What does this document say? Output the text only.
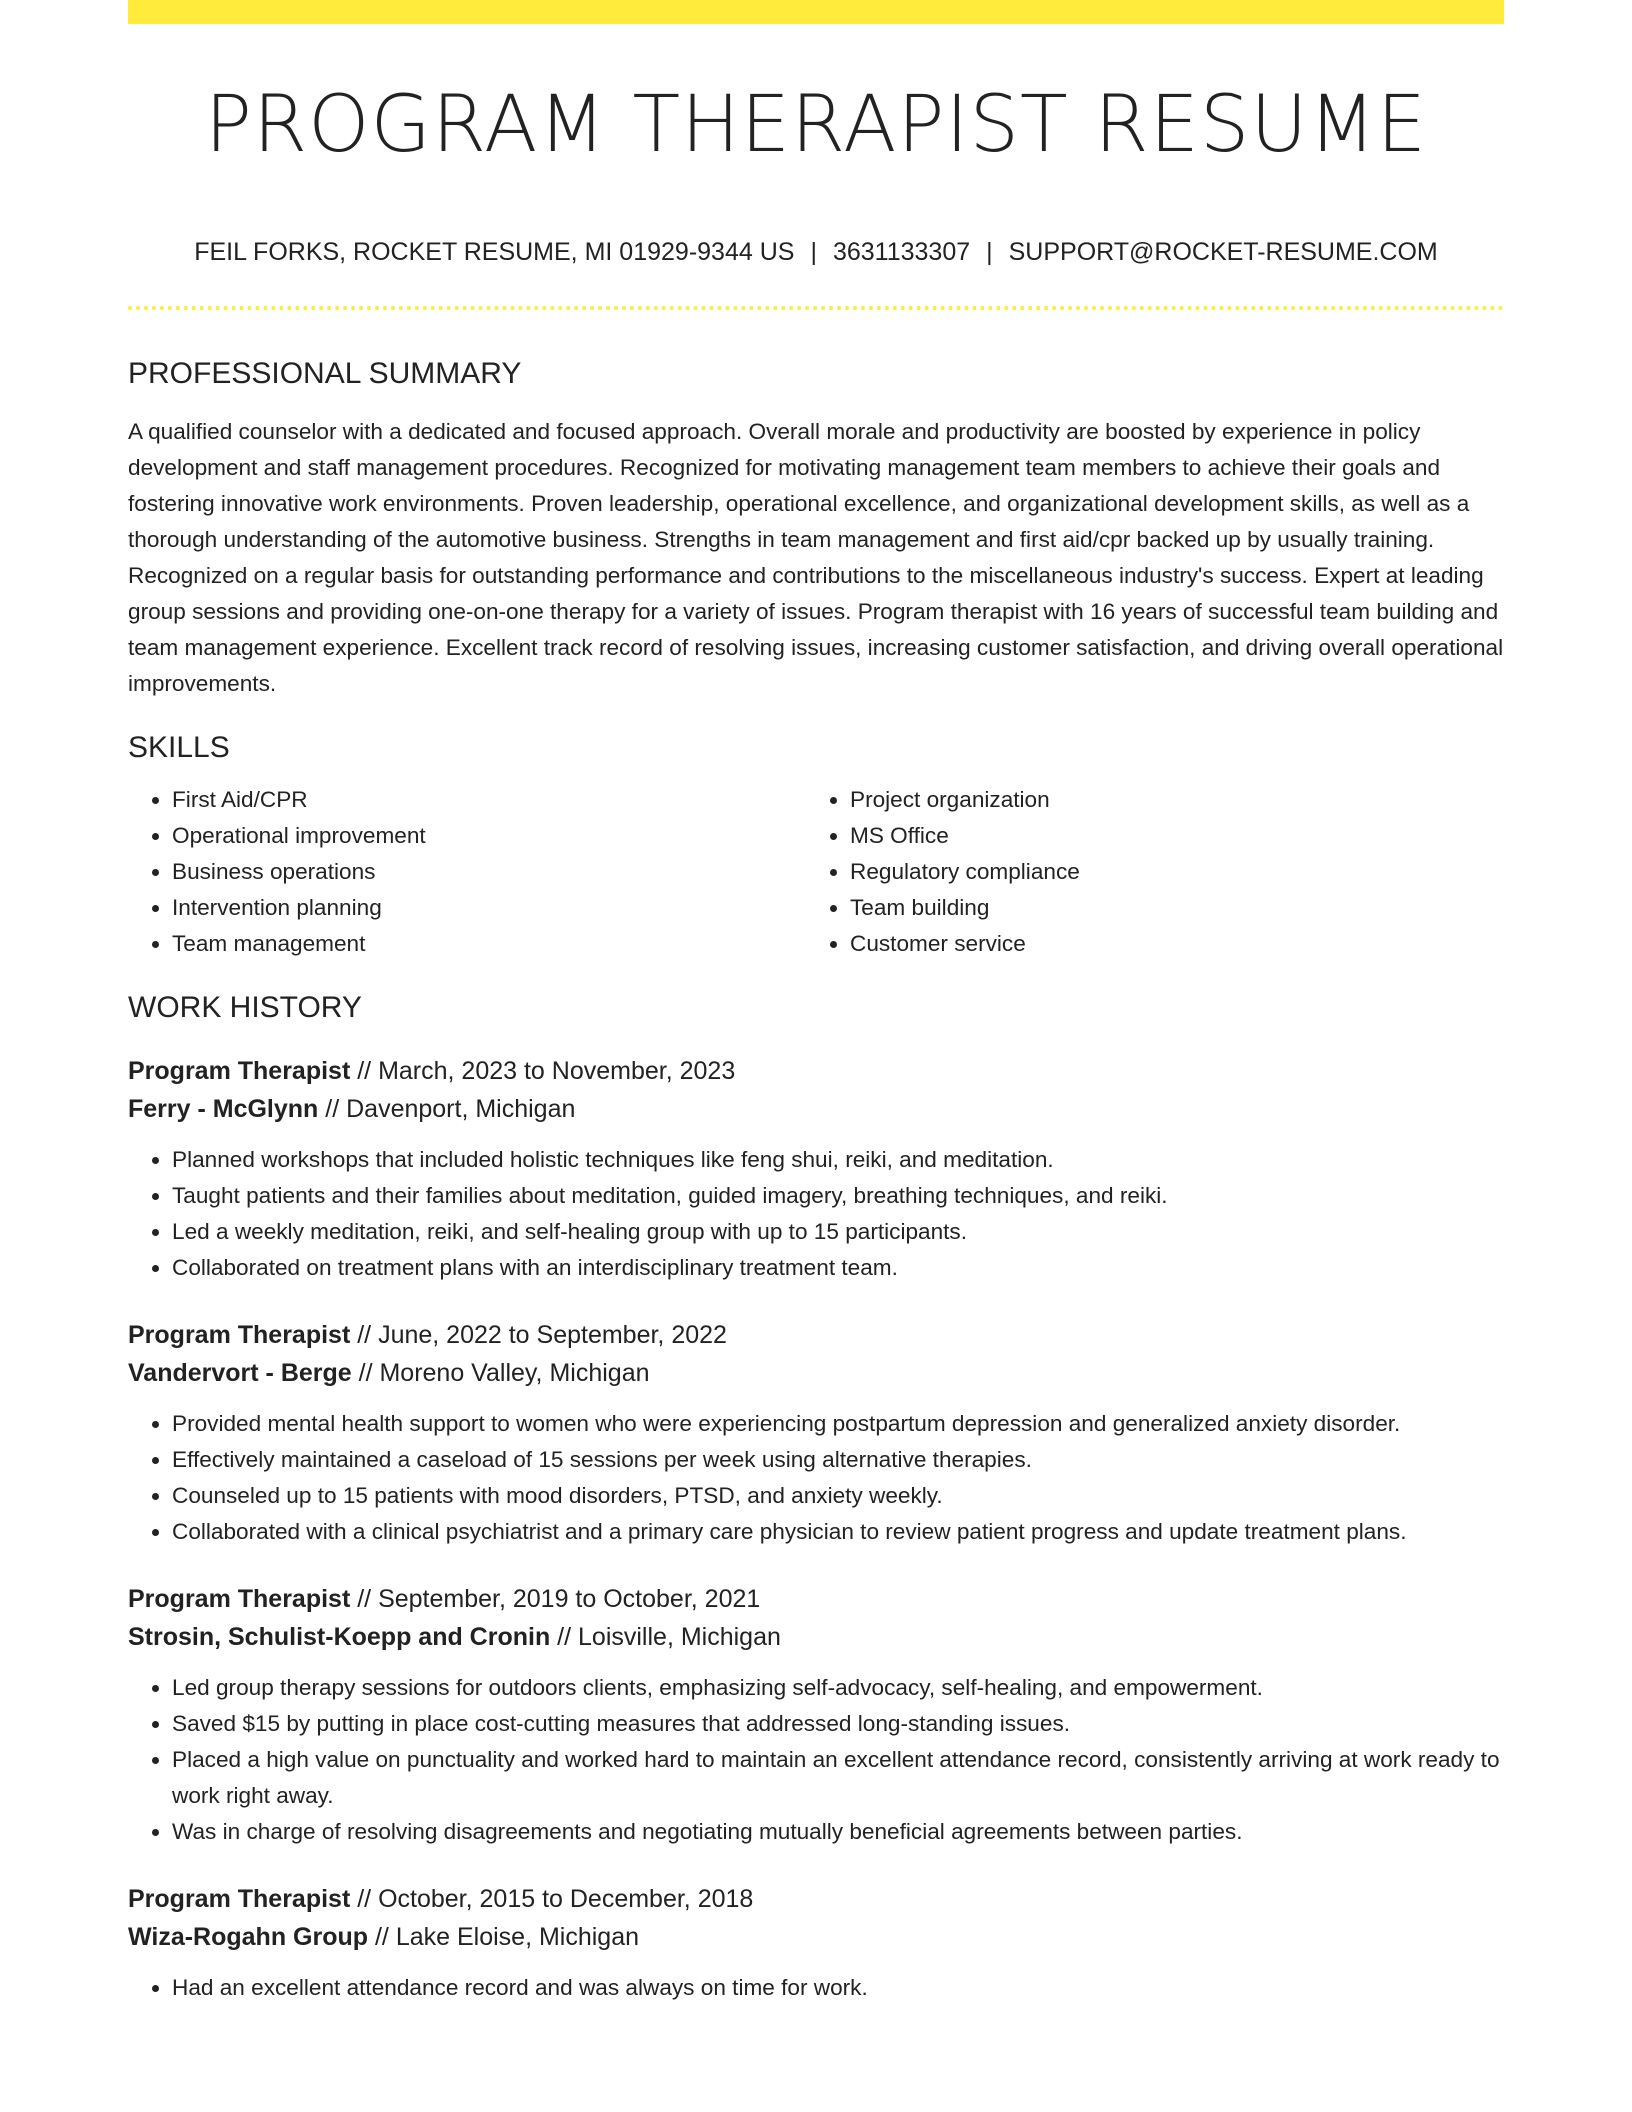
PROGRAM THERAPIST RESUME
FEIL FORKS, ROCKET RESUME, MI 01929-9344 US | 3631133307 | SUPPORT@ROCKET-RESUME.COM
PROFESSIONAL SUMMARY

A qualified counselor with a dedicated and focused approach. Overall morale and productivity are boosted by experience in policy development and staff management procedures. Recognized for motivating management team members to achieve their goals and fostering innovative work environments. Proven leadership, operational excellence, and organizational development skills, as well as a thorough understanding of the automotive business. Strengths in team management and first aid/cpr backed up by usually training. Recognized on a regular basis for outstanding performance and contributions to the miscellaneous industry's success. Expert at leading group sessions and providing one-on-one therapy for a variety of issues. Program therapist with 16 years of successful team building and team management experience. Excellent track record of resolving issues, increasing customer satisfaction, and driving overall operational improvements.

SKILLS
• First Aid/CPR
• Operational improvement
• Business operations
• Intervention planning
• Team management
• Project organization
• MS Office
• Regulatory compliance
• Team building
• Customer service
WORK HISTORY
Program Therapist // March, 2023 to November, 2023
Ferry - McGlynn // Davenport, Michigan
• Planned workshops that included holistic techniques like feng shui, reiki, and meditation.
• Taught patients and their families about meditation, guided imagery, breathing techniques, and reiki.
• Led a weekly meditation, reiki, and self-healing group with up to 15 participants.
• Collaborated on treatment plans with an interdisciplinary treatment team.
Program Therapist // June, 2022 to September, 2022
Vandervort - Berge // Moreno Valley, Michigan
• Provided mental health support to women who were experiencing postpartum depression and generalized anxiety disorder.
• Effectively maintained a caseload of 15 sessions per week using alternative therapies.
• Counseled up to 15 patients with mood disorders, PTSD, and anxiety weekly.
• Collaborated with a clinical psychiatrist and a primary care physician to review patient progress and update treatment plans.
Program Therapist // September, 2019 to October, 2021
Strosin, Schulist-Koepp and Cronin // Loisville, Michigan
• Led group therapy sessions for outdoors clients, emphasizing self-advocacy, self-healing, and empowerment.
• Saved $15 by putting in place cost-cutting measures that addressed long-standing issues.
• Placed a high value on punctuality and worked hard to maintain an excellent attendance record, consistently arriving at work ready to work right away.
• Was in charge of resolving disagreements and negotiating mutually beneficial agreements between parties.
Program Therapist // October, 2015 to December, 2018
Wiza-Rogahn Group // Lake Eloise, Michigan
• Had an excellent attendance record and was always on time for work.
